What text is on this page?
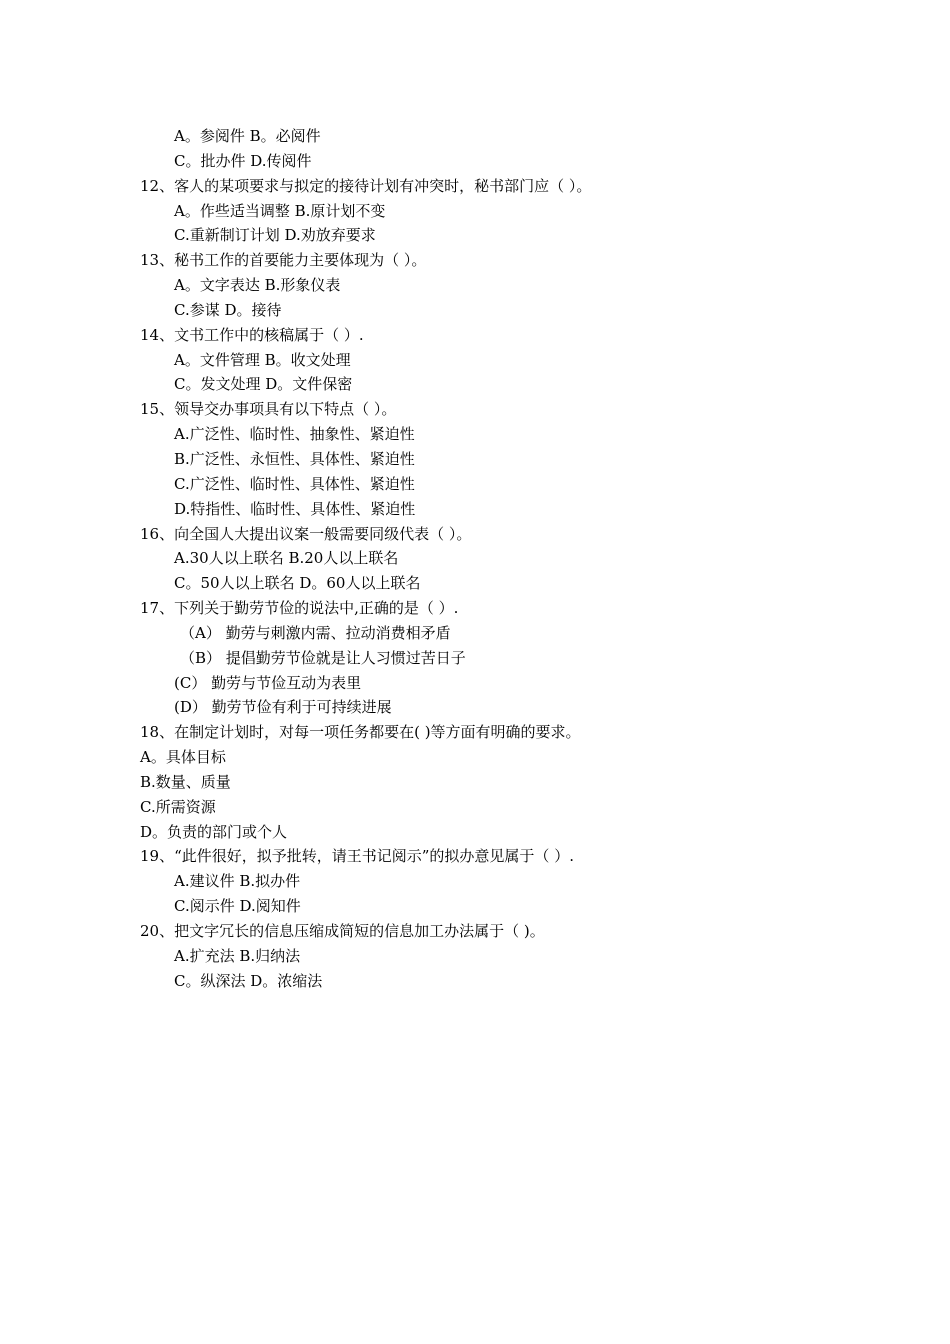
A。参阅件 B。必阅件
C。批办件 D.传阅件
12、客人的某项要求与拟定的接待计划有冲突时，秘书部门应（ ）。
A。作些适当调整 B.原计划不变
C.重新制订计划 D.劝放弃要求
13、秘书工作的首要能力主要体现为（ ）。
A。文字表达 B.形象仪表
C.参谋 D。接待
14、文书工作中的核稿属于（ ）.
A。文件管理 B。收文处理
C。发文处理 D。文件保密
15、领导交办事项具有以下特点（ ）。
A.广泛性、临时性、抽象性、紧迫性
B.广泛性、永恒性、具体性、紧迫性
C.广泛性、临时性、具体性、紧迫性
D.特指性、临时性、具体性、紧迫性
16、向全国人大提出议案一般需要同级代表（ ）。
A.30人以上联名 B.20人以上联名
C。50人以上联名 D。60人以上联名
17、下列关于勤劳节俭的说法中,正确的是（ ）.
（A） 勤劳与刺激内需、拉动消费相矛盾
（B） 提倡勤劳节俭就是让人习惯过苦日子
(C） 勤劳与节俭互动为表里
(D） 勤劳节俭有利于可持续进展
18、在制定计划时，对每一项任务都要在( )等方面有明确的要求。
A。具体目标
B.数量、质量
C.所需资源
D。负责的部门或个人
19、“此件很好，拟予批转，请王书记阅示”的拟办意见属于（ ）.
A.建议件 B.拟办件
C.阅示件 D.阅知件
20、把文字冗长的信息压缩成简短的信息加工办法属于（ )。
A.扩充法 B.归纳法
C。纵深法 D。浓缩法
